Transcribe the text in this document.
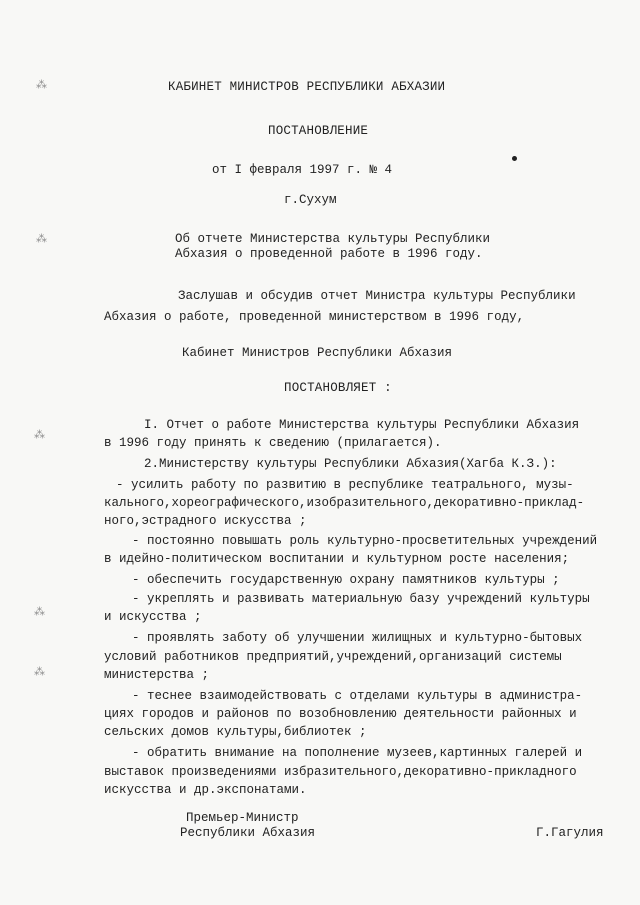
⁂
⁂
⁂
⁂
⁂
КАБИНЕТ МИНИСТРОВ РЕСПУБЛИКИ АБХАЗИИ
ПОСТАНОВЛЕНИЕ
от I февраля 1997 г. № 4
г.Сухум
Об отчете Министерства культуры Республики
Абхазия о проведенной работе в 1996 году.
Заслушав и обсудив отчет Министра культуры Республики
Абхазия о работе, проведенной министерством в 1996 году,
Кабинет Министров Республики Абхазия
ПОСТАНОВЛЯЕТ :
I. Отчет о работе Министерства культуры Республики Абхазия
в 1996 году принять к сведению (прилагается).
2.Министерству культуры Республики Абхазия(Хагба К.З.):
- усилить работу по развитию в республике театрального, музы-
кального,хореографического,изобразительного,декоративно-приклад-
ного,эстрадного искусства ;
- постоянно повышать роль культурно-просветительных учреждений
в идейно-политическом воспитании и культурном росте населения;
- обеспечить государственную охрану памятников культуры ;
- укреплять и развивать материальную базу учреждений культуры
и искусства ;
- проявлять заботу об улучшении жилищных и культурно-бытовых
условий работников предприятий,учреждений,организаций системы
министерства ;
- теснее взаимодействовать с отделами культуры в администра-
циях городов и районов по возобновлению деятельности районных и
сельских домов культуры,библиотек ;
- обратить внимание на пополнение музеев,картинных галерей и
выставок произведениями избразительного,декоративно-прикладного
искусства и др.экспонатами.
Премьер-Министр
Республики Абхазия	Г.Гагулия
